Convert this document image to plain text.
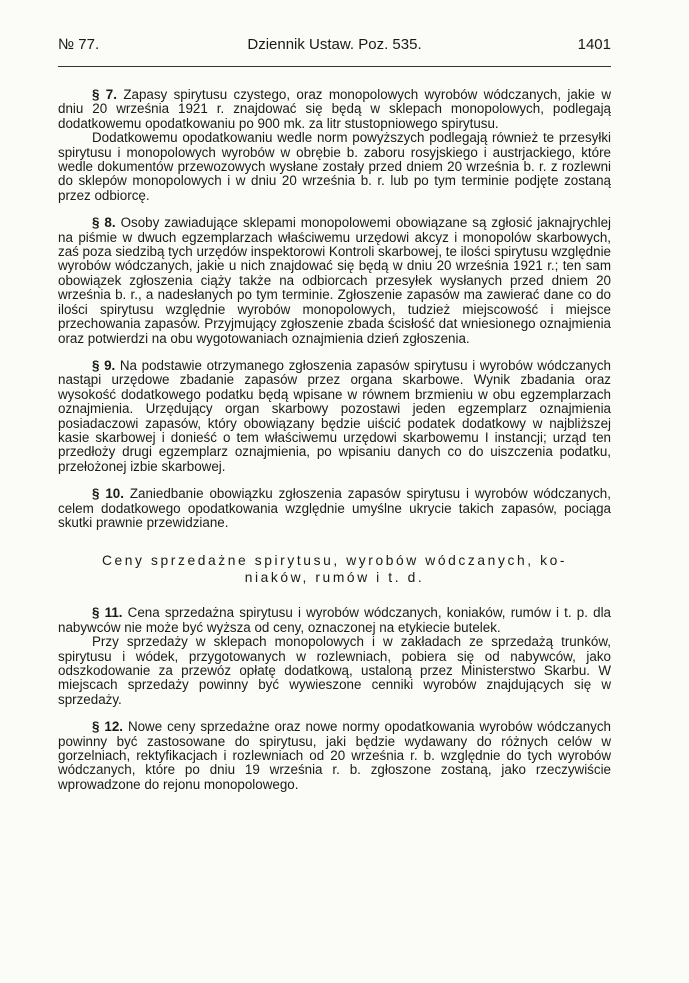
№ 77.	Dziennik Ustaw. Poz. 535.	1401

§ 7. Zapasy spirytusu czystego, oraz monopolowych wyrobów wódczanych, jakie w dniu 20 września 1921 r. znajdować się będą w sklepach monopolowych, podlegają dodatkowemu opodatkowaniu po 900 mk. za litr stustopniowego spirytusu.

Dodatkowemu opodatkowaniu wedle norm powyższych podlegają również te przesyłki spirytusu i monopolowych wyrobów w obrębie b. zaboru rosyjskiego i austrjackiego, które wedle dokumentów przewozowych wysłane zostały przed dniem 20 września b. r. z rozlewni do sklepów monopolowych i w dniu 20 września b. r. lub po tym terminie podjęte zostaną przez odbiorcę.

§ 8. Osoby zawiadujące sklepami monopolowemi obowiązane są zgłosić jaknajrychlej na piśmie w dwuch egzemplarzach właściwemu urzędowi akcyz i monopolów skarbowych, zaś poza siedzibą tych urzędów inspektorowi Kontroli skarbowej, te ilości spirytusu względnie wyrobów wódczanych, jakie u nich znajdować się będą w dniu 20 września 1921 r.; ten sam obowiązek zgłoszenia ciąży także na odbiorcach przesyłek wysłanych przed dniem 20 września b. r., a nadesłanych po tym terminie. Zgłoszenie zapasów ma zawierać dane co do ilości spirytusu względnie wyrobów monopolowych, tudzież miejscowość i miejsce przechowania zapasów. Przyjmujący zgłoszenie zbada ścisłość dat wniesionego oznajmienia oraz potwierdzi na obu wygotowaniach oznajmienia dzień zgłoszenia.

§ 9. Na podstawie otrzymanego zgłoszenia zapasów spirytusu i wyrobów wódczanych nastąpi urzędowe zbadanie zapasów przez organa skarbowe. Wynik zbadania oraz wysokość dodatkowego podatku będą wpisane w równem brzmieniu w obu egzemplarzach oznajmienia. Urzędujący organ skarbowy pozostawi jeden egzemplarz oznajmienia posiadaczowi zapasów, który obowiązany będzie uiścić podatek dodatkowy w najbliższej kasie skarbowej i donieść o tem właściwemu urzędowi skarbowemu I instancji; urząd ten przedłoży drugi egzemplarz oznajmienia, po wpisaniu danych co do uiszczenia podatku, przełożonej izbie skarbowej.

§ 10. Zaniedbanie obowiązku zgłoszenia zapasów spirytusu i wyrobów wódczanych, celem dodatkowego opodatkowania względnie umyślne ukrycie takich zapasów, pociąga skutki prawnie przewidziane.

Ceny sprzedażne spirytusu, wyrobów wódczanych, ko-
niaków, rumów i t. d.

§ 11. Cena sprzedażna spirytusu i wyrobów wódczanych, koniaków, rumów i t. p. dla nabywców nie może być wyższa od ceny, oznaczonej na etykiecie butelek.

Przy sprzedaży w sklepach monopolowych i w zakładach ze sprzedażą trunków, spirytusu i wódek, przygotowanych w rozlewniach, pobiera się od nabywców, jako odszkodowanie za przewóz opłatę dodatkową, ustaloną przez Ministerstwo Skarbu. W miejscach sprzedaży powinny być wywieszone cenniki wyrobów znajdujących się w sprzedaży.

§ 12. Nowe ceny sprzedażne oraz nowe normy opodatkowania wyrobów wódczanych powinny być zastosowane do spirytusu, jaki będzie wydawany do różnych celów w gorzelniach, rektyfikacjach i rozlewniach od 20 września r. b. względnie do tych wyrobów wódczanych, które po dniu 19 września r. b. zgłoszone zostaną, jako rzeczywiście wprowadzone do rejonu monopolowego.
